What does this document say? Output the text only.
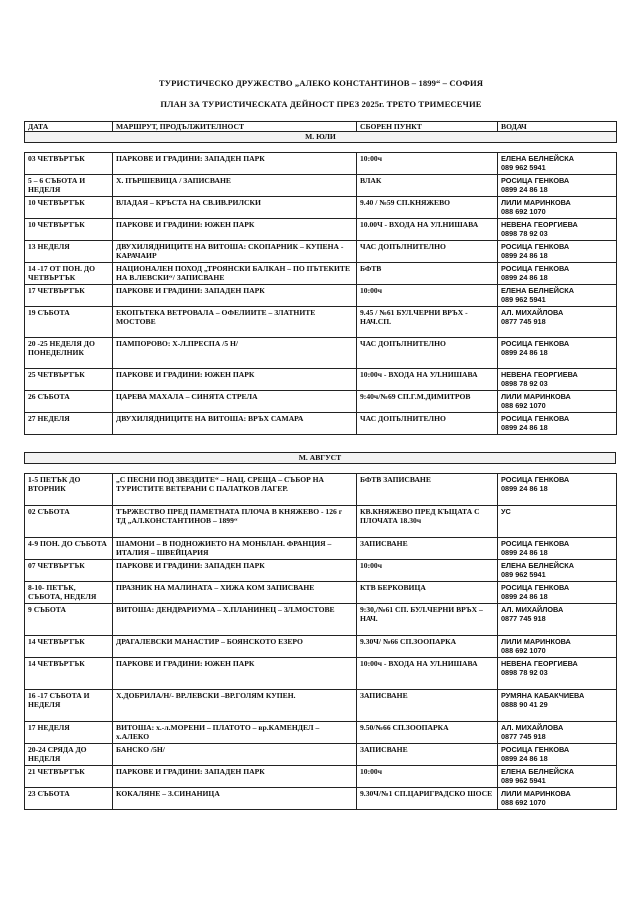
ТУРИСТИЧЕСКО ДРУЖЕСТВО „АЛЕКО КОНСТАНТИНОВ – 1899“ – СОФИЯ
ПЛАН ЗА ТУРИСТИЧЕСКАТА ДЕЙНОСТ ПРЕЗ 2025г. ТРЕТО ТРИМЕСЕЧИЕ
ДАТА	МАРШРУТ, ПРОДЪЛЖИТЕЛНОСТ	СБОРЕН ПУНКТ	ВОДАЧ
М. ЮЛИ
03 ЧЕТВЪРТЪК	ПАРКОВЕ И ГРАДИНИ: ЗАПАДЕН ПАРК	10:00ч	ЕЛЕНА БЕЛНЕЙСКА
089 962 5941

5 – 6 СЪБОТА И НЕДЕЛЯ	Х. ПЪРШЕВИЦА / ЗАПИСВАНЕ	ВЛАК	РОСИЦА ГЕНКОВА
0899 24 86 18

10 ЧЕТВЪРТЪК	ВЛАДАЯ – КРЪСТА НА СВ.ИВ.РИЛСКИ	9.40 / №59 СП.КНЯЖЕВО	ЛИЛИ МАРИНКОВА
088 692 1070

10 ЧЕТВЪРТЪК	ПАРКОВЕ И ГРАДИНИ: ЮЖЕН ПАРК	10.00Ч - ВХОДА НА УЛ.НИШАВА	НЕВЕНА ГЕОРГИЕВА
0898 78 92 03

13 НЕДЕЛЯ	ДВУХИЛЯДНИЦИТЕ НА ВИТОША: СКОПАРНИК – КУПЕНА - КАРАЧАИР	ЧАС ДОПЪЛНИТЕЛНО	РОСИЦА ГЕНКОВА
0899 24 86 18

14 -17 ОТ ПОН. ДО ЧЕТВЪРТЪК	НАЦИОНАЛЕН ПОХОД „ТРОЯНСКИ БАЛКАН – ПО ПЪТЕКИТЕ НА В.ЛЕВСКИ“/ ЗАПИСВАНЕ	БФТВ	РОСИЦА ГЕНКОВА
0899 24 86 18

17 ЧЕТВЪРТЪК	ПАРКОВЕ И ГРАДИНИ: ЗАПАДЕН ПАРК	10:00ч	ЕЛЕНА БЕЛНЕЙСКА
089 962 5941

19 СЪБОТА	ЕКОПЪТЕКА ВЕТРОВАЛА – ОФЕЛИИТЕ – ЗЛАТНИТЕ МОСТОВЕ	9.45 / №61 БУЛ.ЧЕРНИ ВРЪХ - НАЧ.СП.	АЛ. МИХАЙЛОВА
0877 745 918

20 -25 НЕДЕЛЯ ДО ПОНЕДЕЛНИК	ПАМПОРОВО: Х-Л.ПРЕСПА /5 Н/	ЧАС ДОПЪЛНИТЕЛНО	РОСИЦА ГЕНКОВА
0899 24 86 18

25 ЧЕТВЪРТЪК	ПАРКОВЕ И ГРАДИНИ: ЮЖЕН ПАРК	10:00ч - ВХОДА НА УЛ.НИШАВА	НЕВЕНА ГЕОРГИЕВА
0898 78 92 03

26 СЪБОТА	ЦАРЕВА МАХАЛА – СИНЯТА СТРЕЛА	9:40ч/№69 СП.Г.М.ДИМИТРОВ	ЛИЛИ МАРИНКОВА
088 692 1070

27 НЕДЕЛЯ	ДВУХИЛЯДНИЦИТЕ НА ВИТОША: ВРЪХ САМАРА	ЧАС ДОПЪЛНИТЕЛНО	РОСИЦА ГЕНКОВА
0899 24 86 18
М. АВГУСТ
1-5 ПЕТЪК ДО ВТОРНИК	„С ПЕСНИ ПОД ЗВЕЗДИТЕ“ – НАЦ. СРЕЩА – СЪБОР НА ТУРИСТИТЕ ВЕТЕРАНИ С ПАЛАТКОВ ЛАГЕР.	БФТВ ЗАПИСВАНЕ	РОСИЦА ГЕНКОВА
0899 24 86 18

02 СЪБОТА	ТЪРЖЕСТВО ПРЕД ПАМЕТНАТА ПЛОЧА В КНЯЖЕВО - 126 г ТД „АЛ.КОНСТАНТИНОВ – 1899“	КВ.КНЯЖЕВО ПРЕД КЪЩАТА С ПЛОЧАТА 18.30ч	УС

4-9 ПОН. ДО СЪБОТА	ШАМОНИ – В ПОДНОЖИЕТО НА МОНБЛАН. ФРАНЦИЯ – ИТАЛИЯ – ШВЕЙЦАРИЯ	ЗАПИСВАНЕ	РОСИЦА ГЕНКОВА
0899 24 86 18

07 ЧЕТВЪРТЪК	ПАРКОВЕ И ГРАДИНИ: ЗАПАДЕН ПАРК	10:00ч	ЕЛЕНА БЕЛНЕЙСКА
089 962 5941

8-10- ПЕТЪК, СЪБОТА, НЕДЕЛЯ	ПРАЗНИК НА МАЛИНАТА – ХИЖА КОМ ЗАПИСВАНЕ	КТВ БЕРКОВИЦА	РОСИЦА ГЕНКОВА
0899 24 86 18

9 СЪБОТА	ВИТОША: ДЕНДРАРИУМА – Х.ПЛАНИНЕЦ – ЗЛ.МОСТОВЕ	9:30,/№61 СП. БУЛ.ЧЕРНИ ВРЪХ – НАЧ.	АЛ. МИХАЙЛОВА
0877 745 918

14 ЧЕТВЪРТЪК	ДРАГАЛЕВСКИ МАНАСТИР – БОЯНСКОТО ЕЗЕРО	9.30Ч/ №66 СП.ЗООПАРКА	ЛИЛИ МАРИНКОВА
088 692 1070

14 ЧЕТВЪРТЪК	ПАРКОВЕ И ГРАДИНИ: ЮЖЕН ПАРК	10:00ч - ВХОДА НА УЛ.НИШАВА	НЕВЕНА ГЕОРГИЕВА
0898 78 92 03

16 -17 СЪБОТА И НЕДЕЛЯ	Х.ДОБРИЛА/Н/- ВР.ЛЕВСКИ –ВР.ГОЛЯМ КУПЕН.	ЗАПИСВАНЕ	РУМЯНА КАБАКЧИЕВА
0888 90 41 29

17 НЕДЕЛЯ	ВИТОША: х.-л.МОРЕНИ – ПЛАТОТО – вр.КАМЕНДЕЛ – х.АЛЕКО	9.50/№66 СП.ЗООПАРКА	АЛ. МИХАЙЛОВА
0877 745 918

20-24 СРЯДА ДО НЕДЕЛЯ	БАНСКО /5Н/	ЗАПИСВАНЕ	РОСИЦА ГЕНКОВА
0899 24 86 18

21 ЧЕТВЪРТЪК	ПАРКОВЕ И ГРАДИНИ: ЗАПАДЕН ПАРК	10:00ч	ЕЛЕНА БЕЛНЕЙСКА
089 962 5941

23 СЪБОТА	КОКАЛЯНЕ – З.СИНАНИЦА	9.30Ч/№1 СП.ЦАРИГРАДСКО ШОСЕ	ЛИЛИ МАРИНКОВА
088 692 1070
